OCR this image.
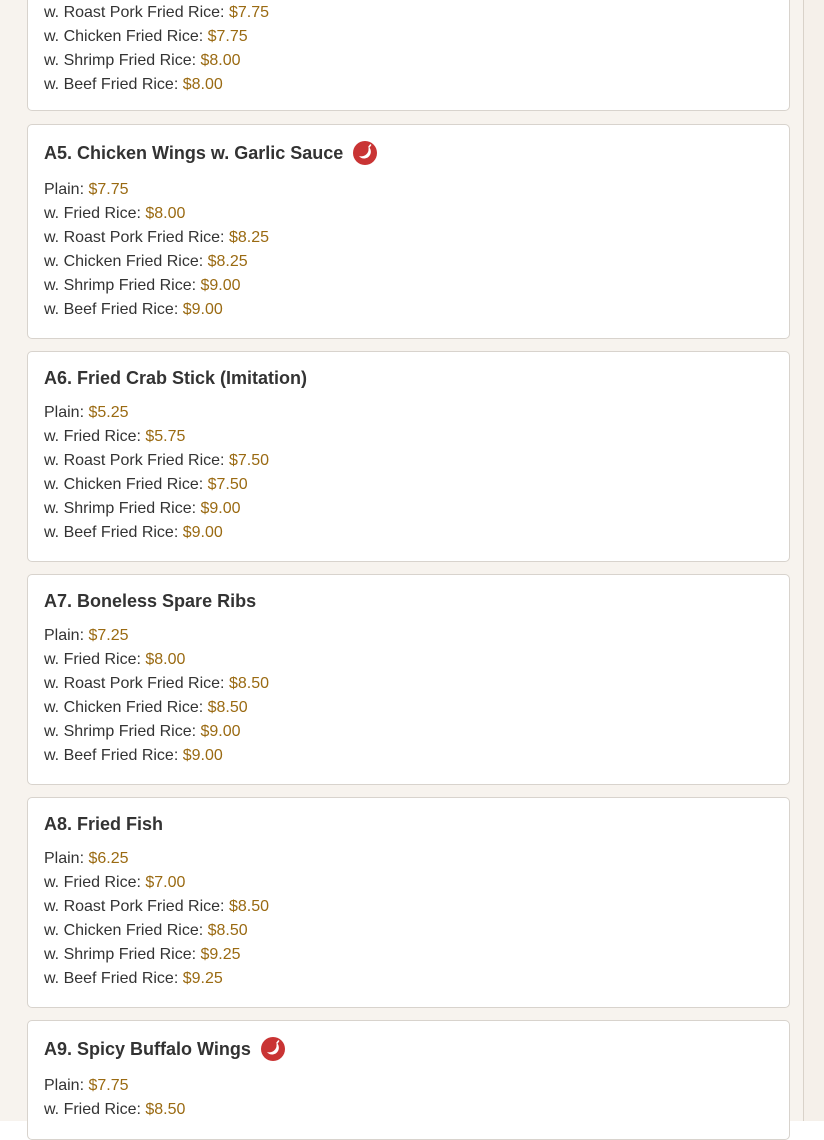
w. Roast Pork Fried Rice: $7.75
w. Chicken Fried Rice: $7.75
w. Shrimp Fried Rice: $8.00
w. Beef Fried Rice: $8.00
A5. Chicken Wings w. Garlic Sauce
Plain: $7.75
w. Fried Rice: $8.00
w. Roast Pork Fried Rice: $8.25
w. Chicken Fried Rice: $8.25
w. Shrimp Fried Rice: $9.00
w. Beef Fried Rice: $9.00
A6. Fried Crab Stick (Imitation)
Plain: $5.25
w. Fried Rice: $5.75
w. Roast Pork Fried Rice: $7.50
w. Chicken Fried Rice: $7.50
w. Shrimp Fried Rice: $9.00
w. Beef Fried Rice: $9.00
A7. Boneless Spare Ribs
Plain: $7.25
w. Fried Rice: $8.00
w. Roast Pork Fried Rice: $8.50
w. Chicken Fried Rice: $8.50
w. Shrimp Fried Rice: $9.00
w. Beef Fried Rice: $9.00
A8. Fried Fish
Plain: $6.25
w. Fried Rice: $7.00
w. Roast Pork Fried Rice: $8.50
w. Chicken Fried Rice: $8.50
w. Shrimp Fried Rice: $9.25
w. Beef Fried Rice: $9.25
A9. Spicy Buffalo Wings
Plain: $7.75
w. Fried Rice: $8.50
